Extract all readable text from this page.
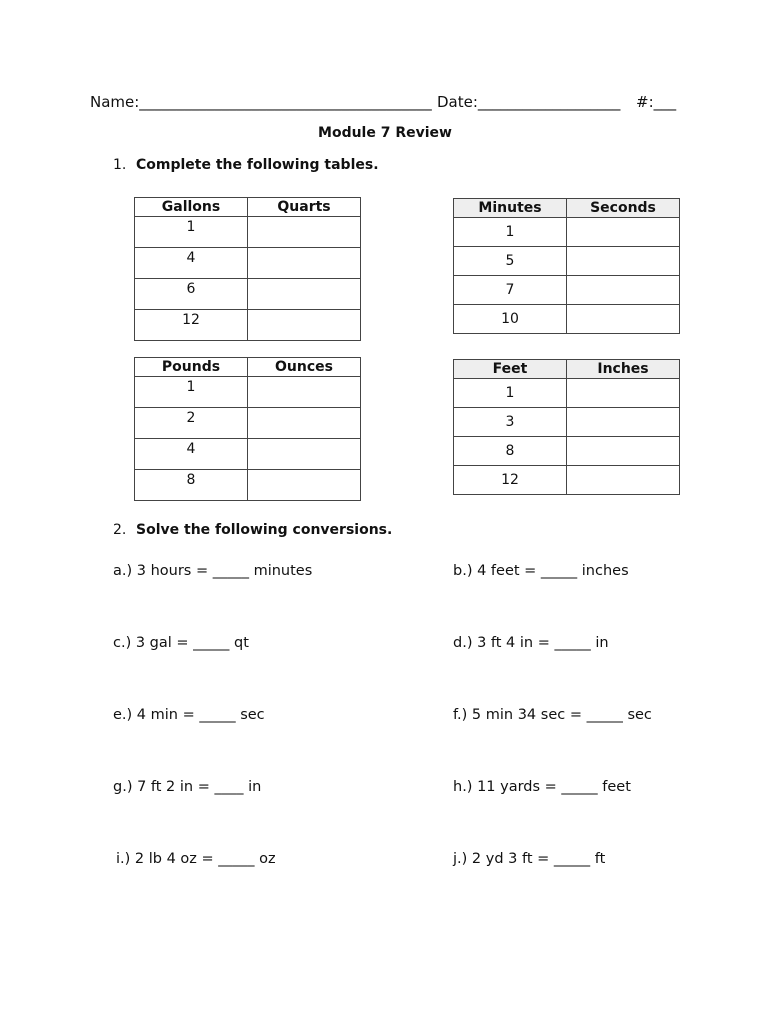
Name:_______________________________________ Date:___________________ #:___
Module 7 Review
1. Complete the following tables.
Gallons	Quarts
1	
4	
6	
12	
Minutes	Seconds
1	
5	
7	
10	
Pounds	Ounces
1	
2	
4	
8	
Feet	Inches
1	
3	
8	
12	
2. Solve the following conversions.
a.) 3 hours = _____ minutes	b.) 4 feet = _____ inches
c.) 3 gal = _____ qt	d.) 3 ft 4 in = _____ in
e.) 4 min = _____ sec	f.) 5 min 34 sec = _____ sec
g.) 7 ft 2 in = ____ in	h.) 11 yards = _____ feet
i.) 2 lb 4 oz = _____ oz	j.) 2 yd 3 ft = _____ ft
